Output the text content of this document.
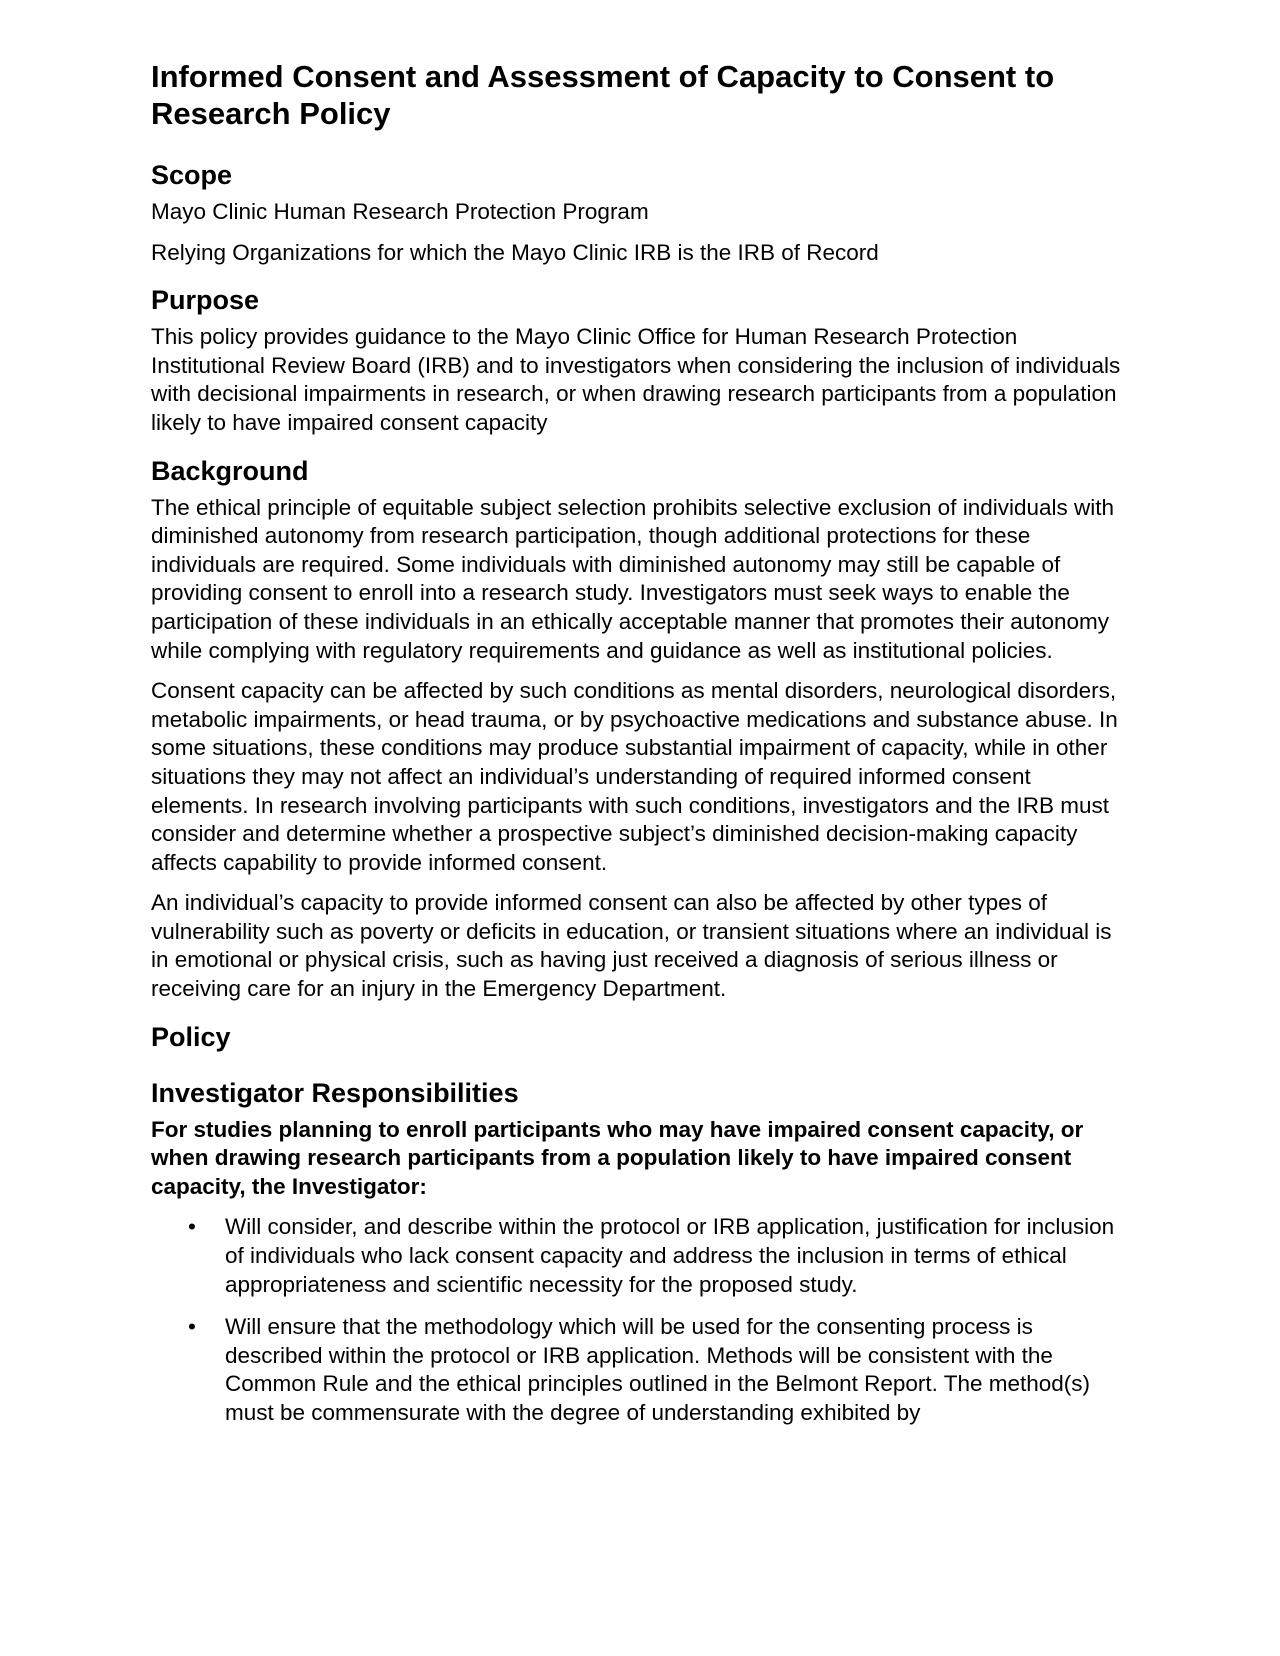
Informed Consent and Assessment of Capacity to Consent to Research Policy
Scope

Mayo Clinic Human Research Protection Program

Relying Organizations for which the Mayo Clinic IRB is the IRB of Record

Purpose

This policy provides guidance to the Mayo Clinic Office for Human Research Protection Institutional Review Board (IRB) and to investigators when considering the inclusion of individuals with decisional impairments in research, or when drawing research participants from a population likely to have impaired consent capacity

Background

The ethical principle of equitable subject selection prohibits selective exclusion of individuals with diminished autonomy from research participation, though additional protections for these individuals are required. Some individuals with diminished autonomy may still be capable of providing consent to enroll into a research study. Investigators must seek ways to enable the participation of these individuals in an ethically acceptable manner that promotes their autonomy while complying with regulatory requirements and guidance as well as institutional policies.

Consent capacity can be affected by such conditions as mental disorders, neurological disorders, metabolic impairments, or head trauma, or by psychoactive medications and substance abuse. In some situations, these conditions may produce substantial impairment of capacity, while in other situations they may not affect an individual’s understanding of required informed consent elements. In research involving participants with such conditions, investigators and the IRB must consider and determine whether a prospective subject’s diminished decision-making capacity affects capability to provide informed consent.

An individual’s capacity to provide informed consent can also be affected by other types of vulnerability such as poverty or deficits in education, or transient situations where an individual is in emotional or physical crisis, such as having just received a diagnosis of serious illness or receiving care for an injury in the Emergency Department.

Policy
Investigator Responsibilities

For studies planning to enroll participants who may have impaired consent capacity, or when drawing research participants from a population likely to have impaired consent capacity, the Investigator:

• Will consider, and describe within the protocol or IRB application, justification for inclusion of individuals who lack consent capacity and address the inclusion in terms of ethical appropriateness and scientific necessity for the proposed study.
• Will ensure that the methodology which will be used for the consenting process is described within the protocol or IRB application. Methods will be consistent with the Common Rule and the ethical principles outlined in the Belmont Report. The method(s) must be commensurate with the degree of understanding exhibited by
